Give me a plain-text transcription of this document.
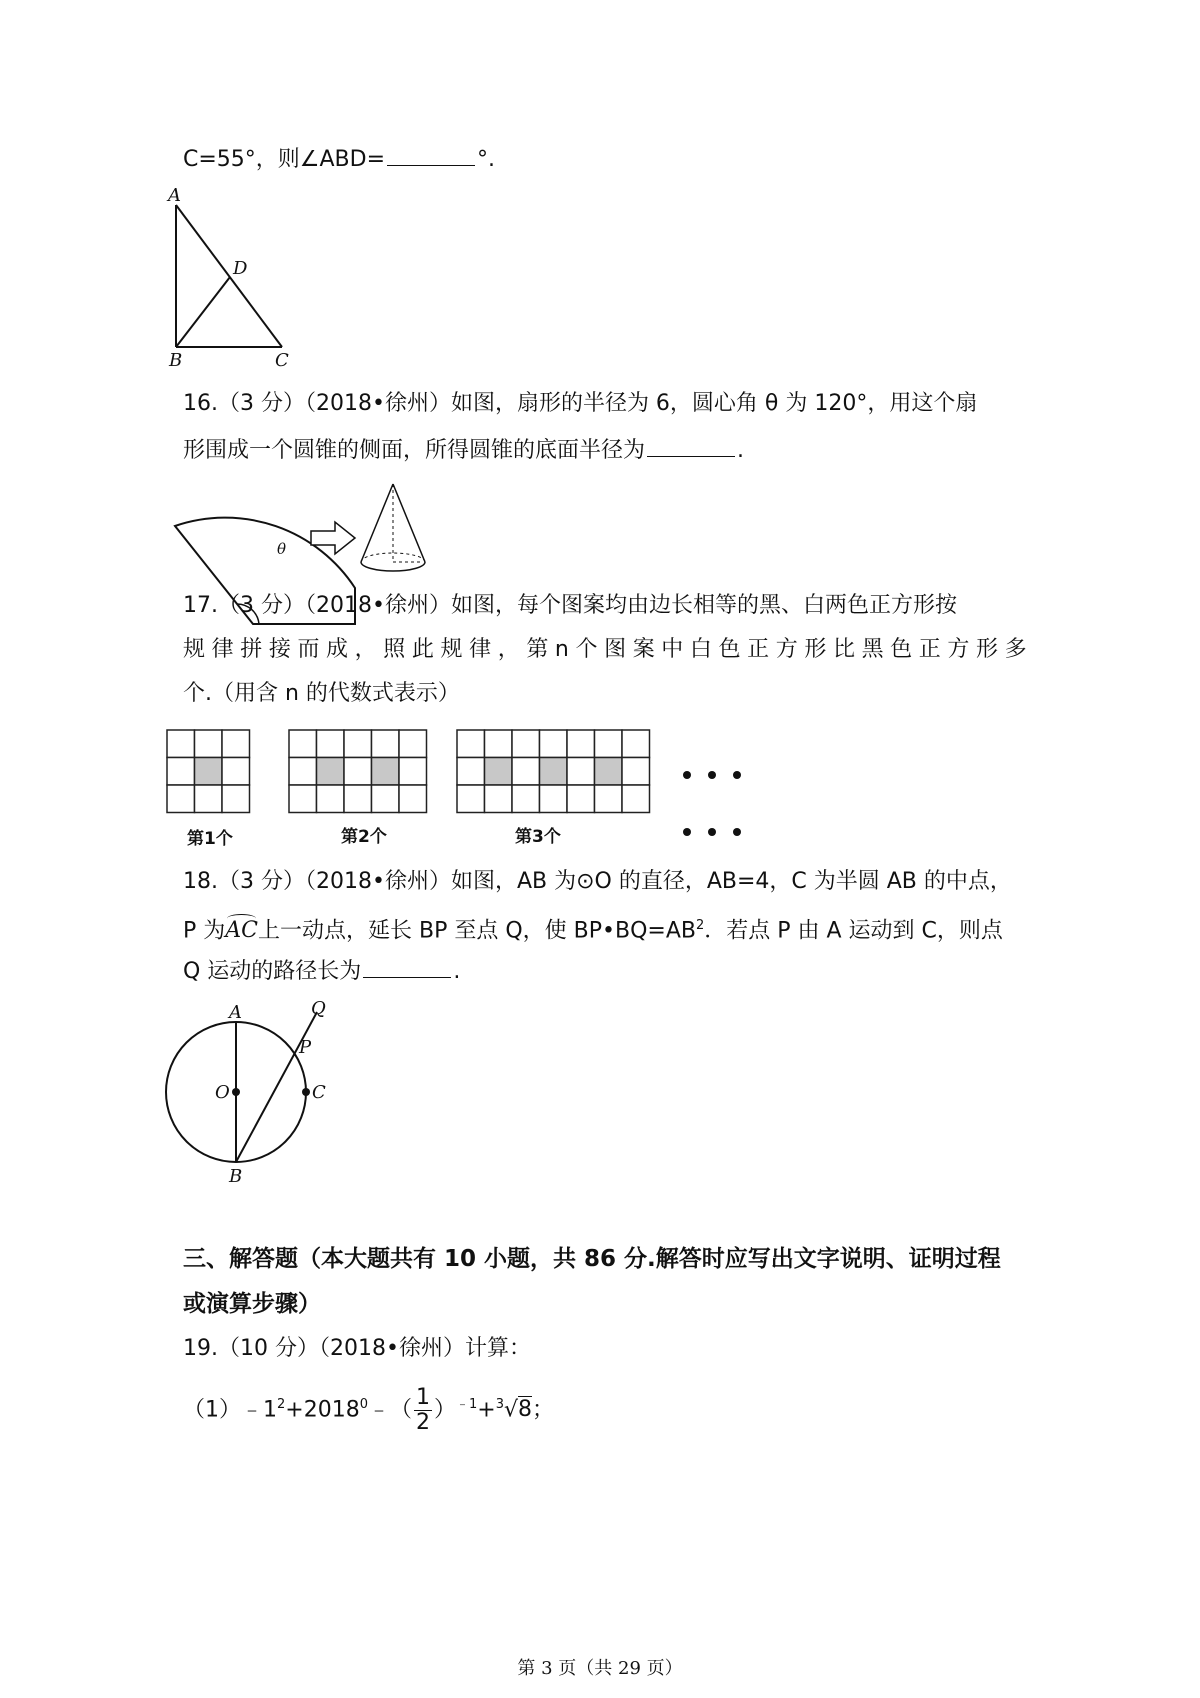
C=55°，则∠ABD=	°.
A
D
B	C
16.（3 分）（2018•徐州）如图，扇形的半径为 6，圆心角 θ 为 120°，用这个扇
形围成一个圆锥的侧面，所得圆锥的底面半径为	.
θ
17.（3 分）（2018•徐州）如图，每个图案均由边长相等的黑、白两色正方形按
规 律 拼 接 而 成 ， 照 此 规 律 ， 第 n 个 图 案 中 白 色 正 方 形 比 黑 色 正 方 形 多
个.（用含 n 的代数式表示）
第1个	第2个	第3个
18.（3 分）（2018•徐州）如图，AB 为⊙O 的直径，AB=4，C 为半圆 AB 的中点，
P 为AC上一动点，延长 BP 至点 Q，使 $BP•BQ=AB^2$．若点 P 由 A 运动到 C，则点
Q 运动的路径长为	.
A	Q
P
O	C
B
三、解答题（本大题共有 10 小题，共 86 分.解答时应写出文字说明、证明过程
或演算步骤）
19.（10 分）（2018•徐州）计算：
$(1)﹣1^2+2018^0﹣( \frac{1}{2} )^{﹣1}+^3√8$；
第 3 页（共 29 页）
